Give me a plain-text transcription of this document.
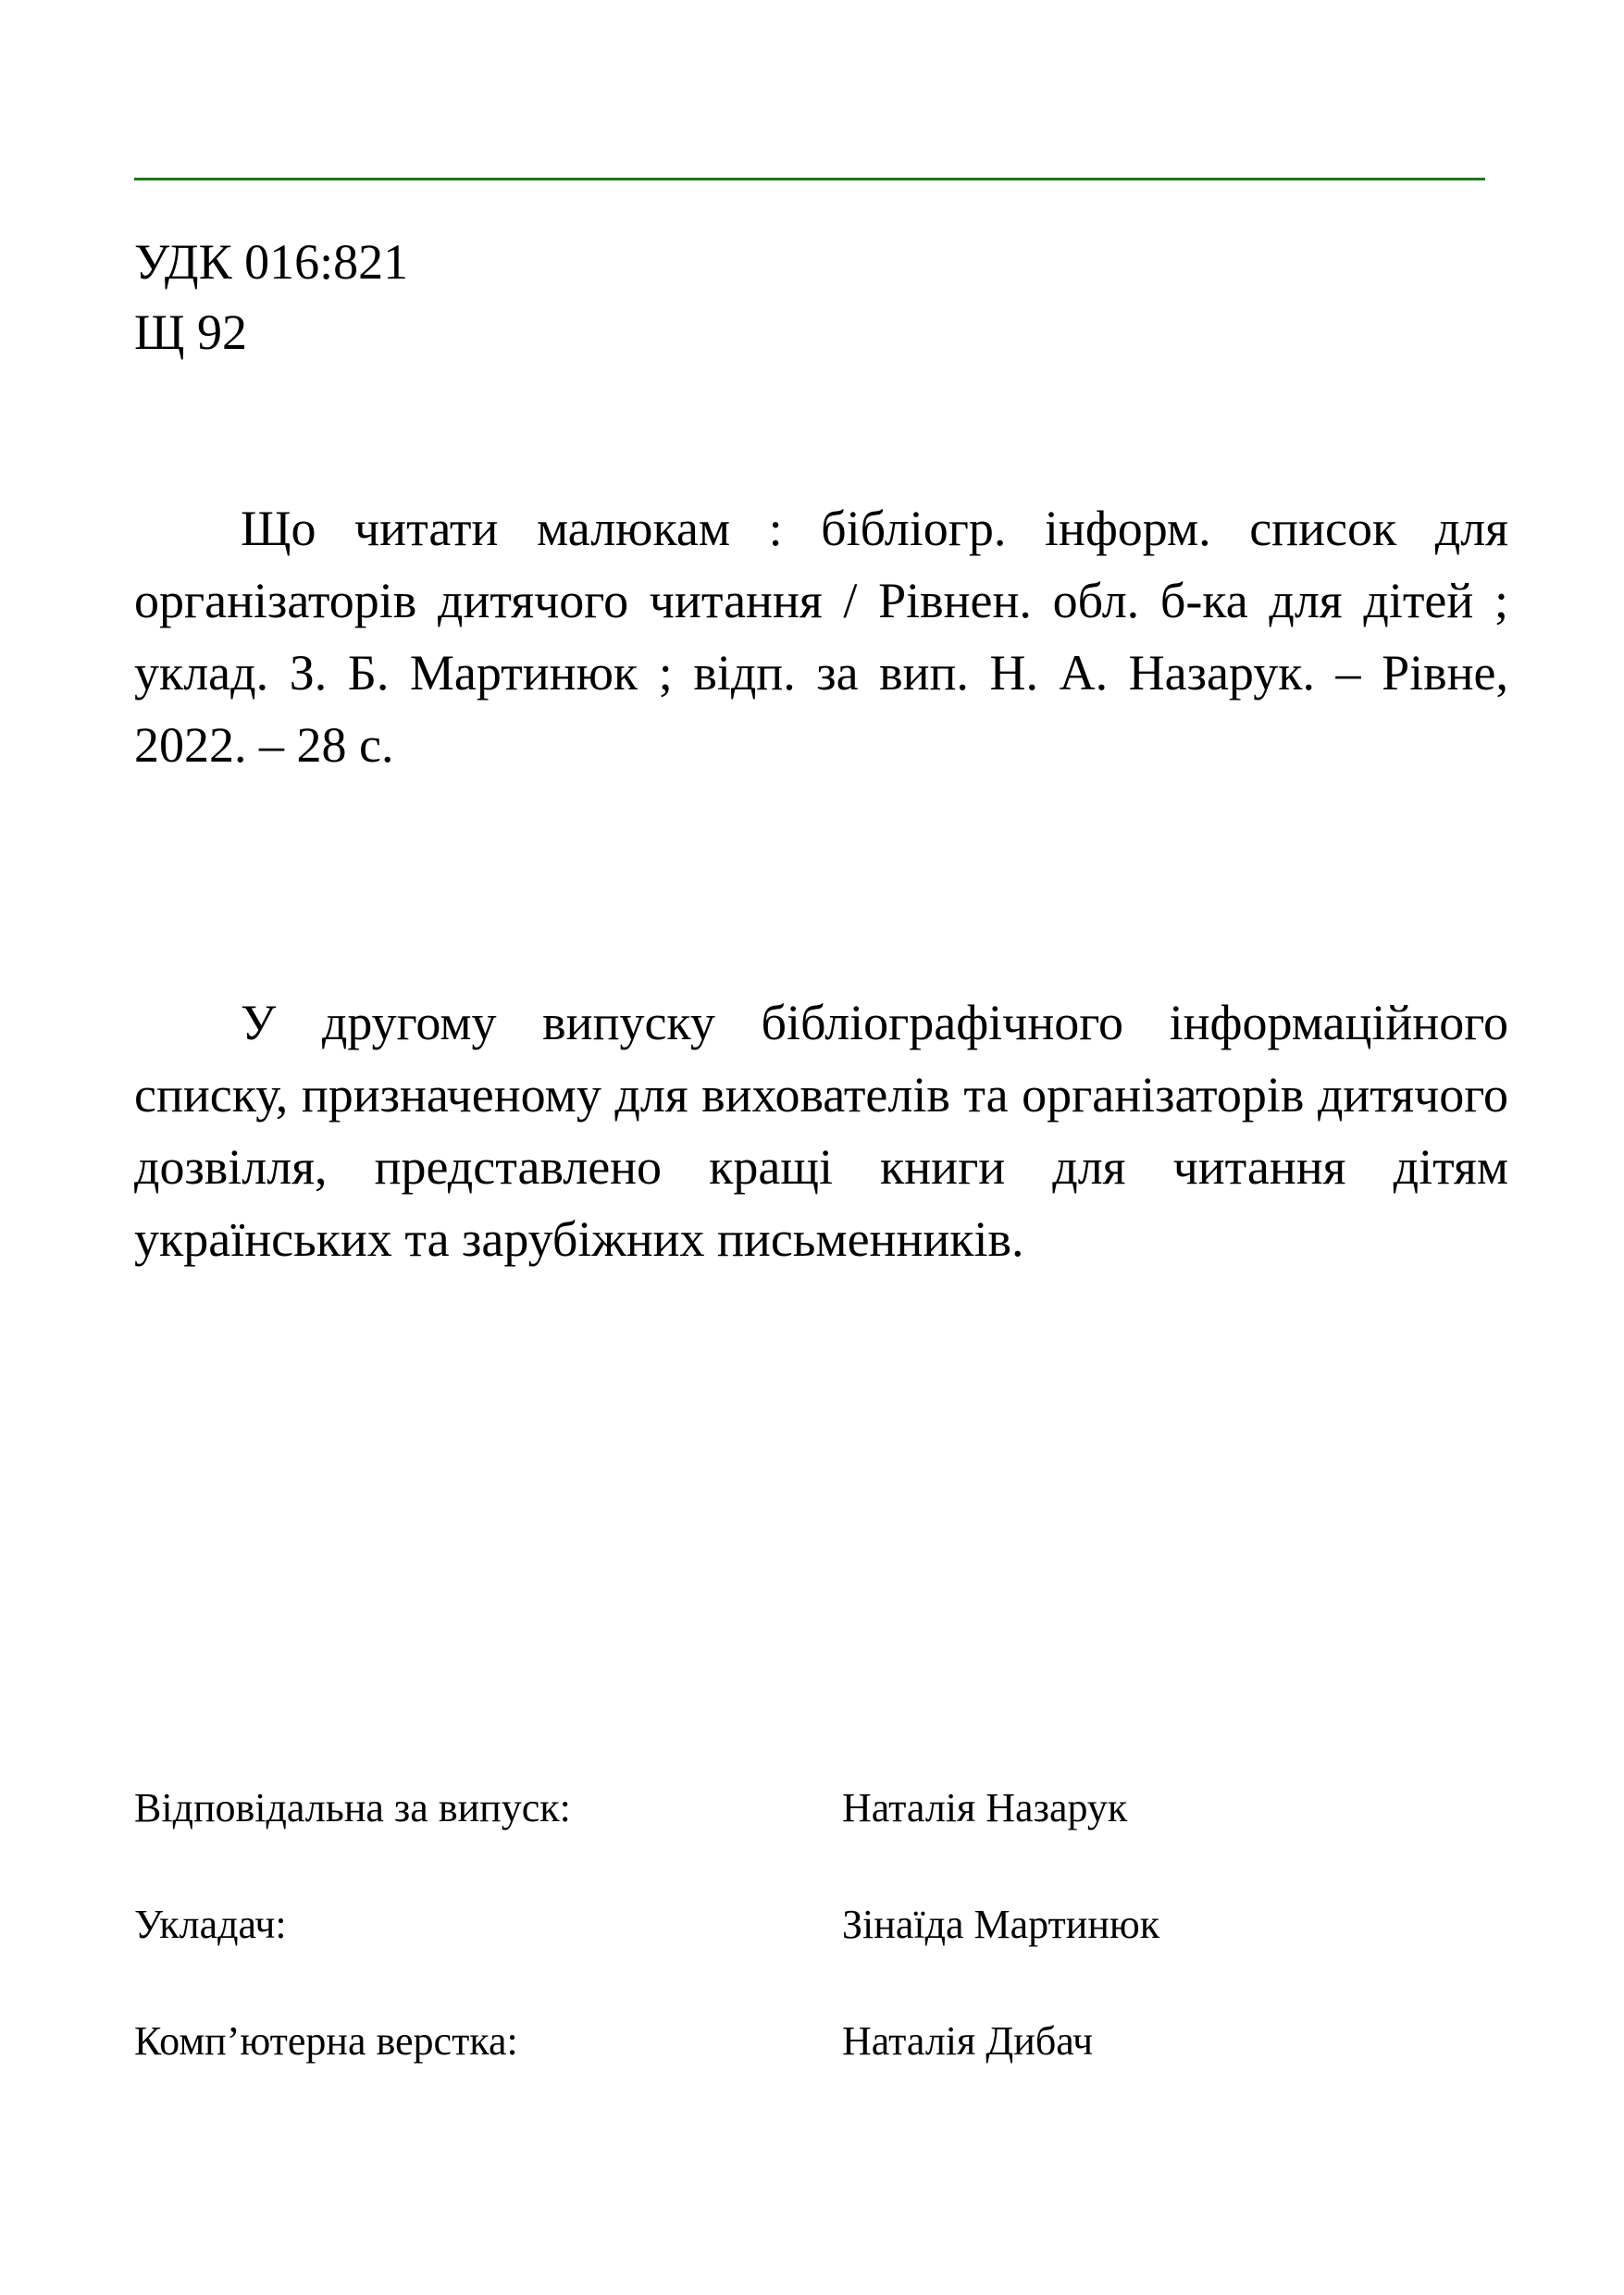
УДК 016:821
Щ 92

Що читати малюкам : бібліогр. інформ. список для організаторів дитячого читання / Рівнен. обл. б-ка для дітей ; уклад. З. Б. Мартинюк ; відп. за вип. Н. А. Назарук. – Рівне, 2022. – 28 с.

У другому випуску бібліографічного інформаційного списку, призначеному для вихователів та організаторів дитячого дозвілля, представлено кращі книги для читання дітям українських та зарубіжних письменників.

Відповідальна за випуск:	Наталія Назарук
Укладач:	Зінаїда Мартинюк
Комп’ютерна верстка:	Наталія Дибач
